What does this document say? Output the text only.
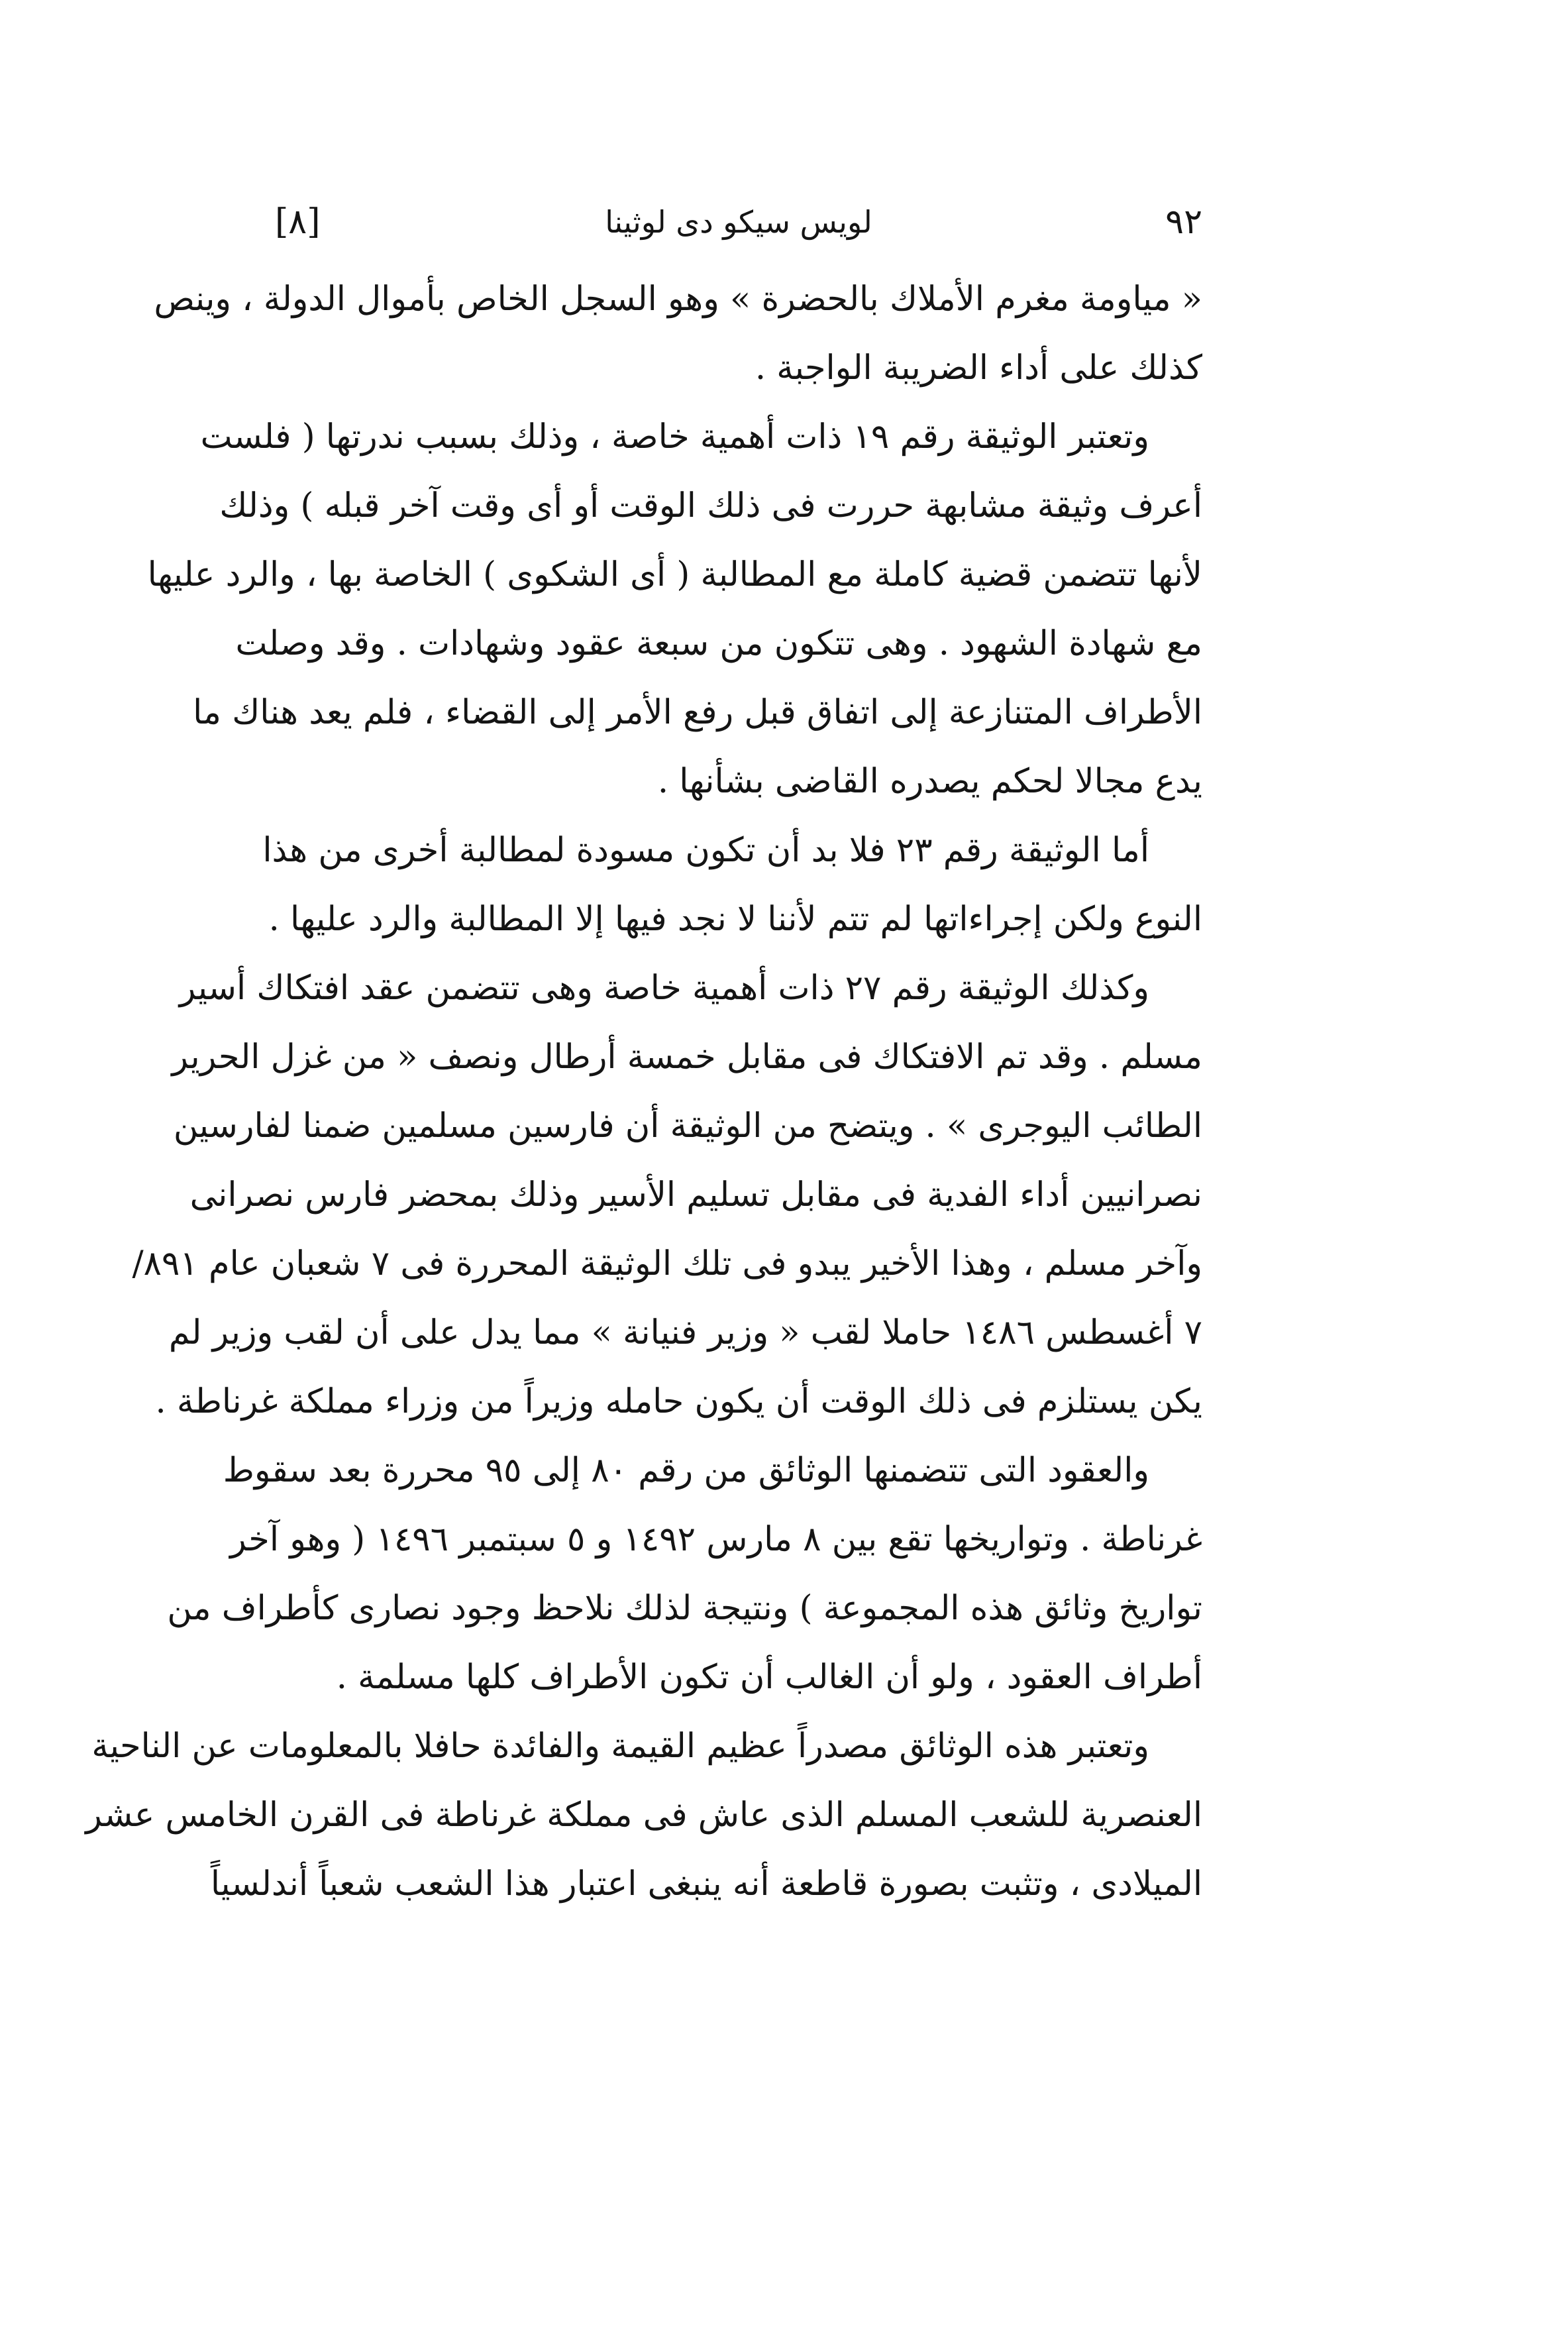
[٨]	لويس سيكو دى لوثينا	٩٢
« مياومة مغرم الأملاك بالحضرة » وهو السجل الخاص بأموال الدولة ، وينص
كذلك على أداء الضريبة الواجبة .
وتعتبر الوثيقة رقم ١٩ ذات أهمية خاصة ، وذلك بسبب ندرتها ( فلست
أعرف وثيقة مشابهة حررت فى ذلك الوقت أو أى وقت آخر قبله ) وذلك
لأنها تتضمن قضية كاملة مع المطالبة ( أى الشكوى ) الخاصة بها ، والرد عليها
مع شهادة الشهود . وهى تتكون من سبعة عقود وشهادات . وقد وصلت
الأطراف المتنازعة إلى اتفاق قبل رفع الأمر إلى القضاء ، فلم يعد هناك ما
يدع مجالا لحكم يصدره القاضى بشأنها .
أما الوثيقة رقم ٢٣ فلا بد أن تكون مسودة لمطالبة أخرى من هذا
النوع ولكن إجراءاتها لم تتم لأننا لا نجد فيها إلا المطالبة والرد عليها .
وكذلك الوثيقة رقم ٢٧ ذات أهمية خاصة وهى تتضمن عقد افتكاك أسير
مسلم . وقد تم الافتكاك فى مقابل خمسة أرطال ونصف « من غزل الحرير
الطائب اليوجرى » . ويتضح من الوثيقة أن فارسين مسلمين ضمنا لفارسين
نصرانيين أداء الفدية فى مقابل تسليم الأسير وذلك بمحضر فارس نصرانى
وآخر مسلم ، وهذا الأخير يبدو فى تلك الوثيقة المحررة فى ٧ شعبان عام ٨٩١/
٧ أغسطس ١٤٨٦ حاملا لقب « وزير فنيانة » مما يدل على أن لقب وزير لم
يكن يستلزم فى ذلك الوقت أن يكون حامله وزيراً من وزراء مملكة غرناطة .
والعقود التى تتضمنها الوثائق من رقم ٨٠ إلى ٩٥ محررة بعد سقوط
غرناطة . وتواريخها تقع بين ٨ مارس ١٤٩٢ و ٥ سبتمبر ١٤٩٦ ( وهو آخر
تواريخ وثائق هذه المجموعة ) ونتيجة لذلك نلاحظ وجود نصارى كأطراف من
أطراف العقود ، ولو أن الغالب أن تكون الأطراف كلها مسلمة .
وتعتبر هذه الوثائق مصدراً عظيم القيمة والفائدة حافلا بالمعلومات عن الناحية
العنصرية للشعب المسلم الذى عاش فى مملكة غرناطة فى القرن الخامس عشر
الميلادى ، وتثبت بصورة قاطعة أنه ينبغى اعتبار هذا الشعب شعباً أندلسياً
